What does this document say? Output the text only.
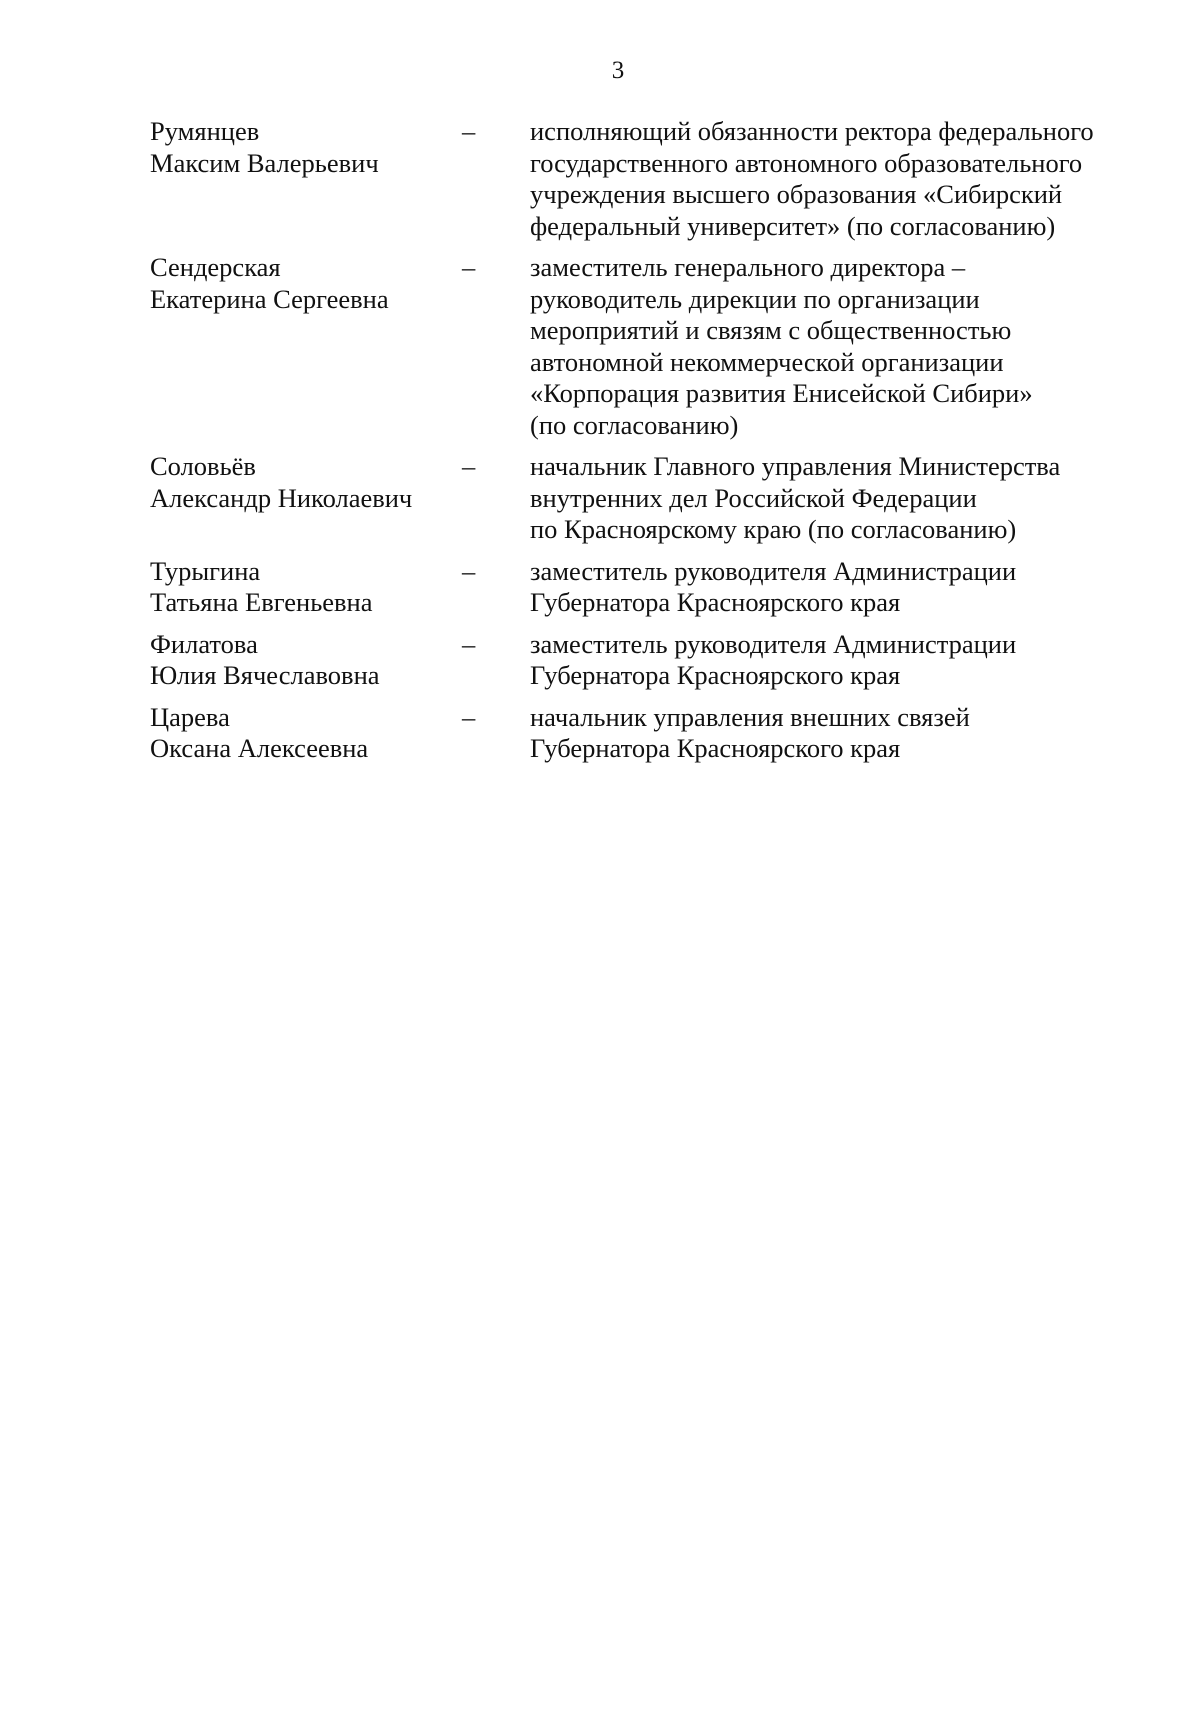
3
Румянцев
Максим Валерьевич
–	исполняющий обязанности ректора федерального
государственного автономного образовательного
учреждения высшего образования «Сибирский
федеральный университет» (по согласованию)
Сендерская
Екатерина Сергеевна
–	заместитель генерального директора –
руководитель дирекции по организации
мероприятий и связям с общественностью
автономной некоммерческой организации
«Корпорация развития Енисейской Сибири»
(по согласованию)
Соловьёв
Александр Николаевич
–	начальник Главного управления Министерства
внутренних дел Российской Федерации
по Красноярскому краю (по согласованию)
Турыгина
Татьяна Евгеньевна
–	заместитель руководителя Администрации
Губернатора Красноярского края
Филатова
Юлия Вячеславовна
–	заместитель руководителя Администрации
Губернатора Красноярского края
Царева
Оксана Алексеевна
–	начальник управления внешних связей
Губернатора Красноярского края
